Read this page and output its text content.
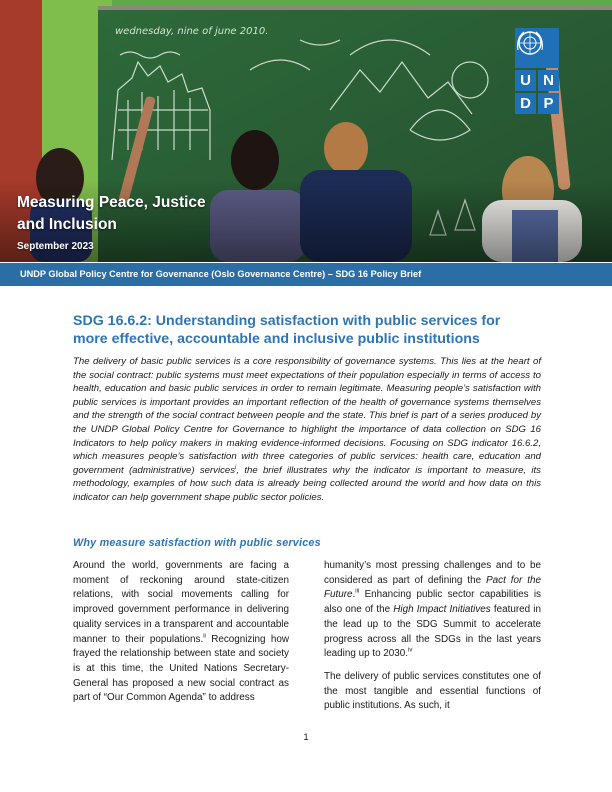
wednesday, nine of june 2010.
U N
D P
Measuring Peace, Justice
and Inclusion
September 2023
UNDP Global Policy Centre for Governance (Oslo Governance Centre) – SDG 16 Policy Brief
SDG 16.6.2: Understanding satisfaction with public services for
more effective, accountable and inclusive public institutions

The delivery of basic public services is a core responsibility of governance systems. This lies at the heart of the social contract: public systems must meet expectations of their population especially in terms of access to health, education and basic public services in order to remain legitimate. Measuring people’s satisfaction with public services is important provides an important reflection of the health of governance systems themselves and the strength of the social contract between people and the state. This brief is part of a series produced by the UNDP Global Policy Centre for Governance to highlight the importance of data collection on SDG 16 Indicators to help policy makers in making evidence-informed decisions. Focusing on SDG indicator 16.6.2, which measures people’s satisfaction with three categories of public services: health care, education and government (administrative) services$^i$, the brief illustrates why the indicator is important to measure, its methodology, examples of how such data is already being collected around the world and how data on this indicator can help government shape public sector policies.

Why measure satisfaction with public services

Around the world, governments are facing a moment of reckoning around state-citizen relations, with social movements calling for improved government performance in delivering quality services in a transparent and accountable manner to their populations.$^{ii}$ Recognizing how frayed the relationship between state and society is at this time, the United Nations Secretary-General has proposed a new social contract as part of “Our Common Agenda” to address

humanity’s most pressing challenges and to be considered as part of defining the Pact for the Future.$^{iii}$ Enhancing public sector capabilities is also one of the High Impact Initiatives featured in the lead up to the SDG Summit to accelerate progress across all the SDGs in the last years leading up to 2030.$^{iv}$

The delivery of public services constitutes one of the most tangible and essential functions of public institutions. As such, it

1
